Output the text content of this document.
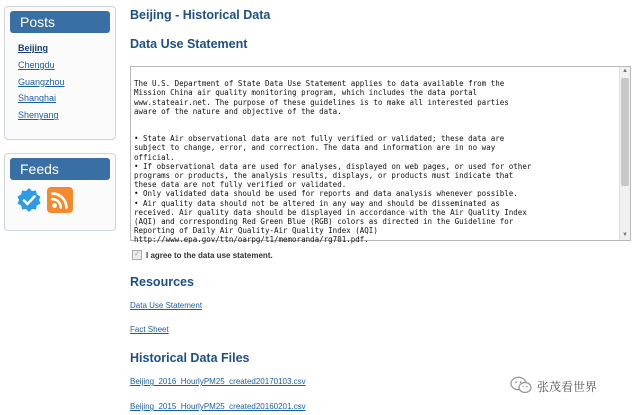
Posts
Beijing
Chengdu
Guangzhou
Shanghai
Shenyang
Feeds
Beijing - Historical Data
Data Use Statement

The U.S. Department of State Data Use Statement applies to data available from the
Mission China air quality monitoring program, which includes the data portal
www.stateair.net. The purpose of these guidelines is to make all interested parties
aware of the nature and objective of the data.

• State Air observational data are not fully verified or validated; these data are
subject to change, error, and correction. The data and information are in no way
official.
• If observational data are used for analyses, displayed on web pages, or used for other
programs or products, the analysis results, displays, or products must indicate that
these data are not fully verified or validated.
• Only validated data should be used for reports and data analysis whenever possible.
• Air quality data should not be altered in any way and should be disseminated as
received. Air quality data should be displayed in accordance with the Air Quality Index
(AQI) and corresponding Red Green Blue (RGB) colors as directed in the Guideline for
Reporting of Daily Air Quality-Air Quality Index (AQI)
http://www.epa.gov/ttn/oarpg/t1/memoranda/rg701.pdf.

▲
▼
✓ I agree to the data use statement.
Resources
Data Use Statement
Fact Sheet
Historical Data Files
Beijing_2016_HourlyPM25_created20170103.csv
Beijing_2015_HourlyPM25_created20160201.csv
张茂看世界
